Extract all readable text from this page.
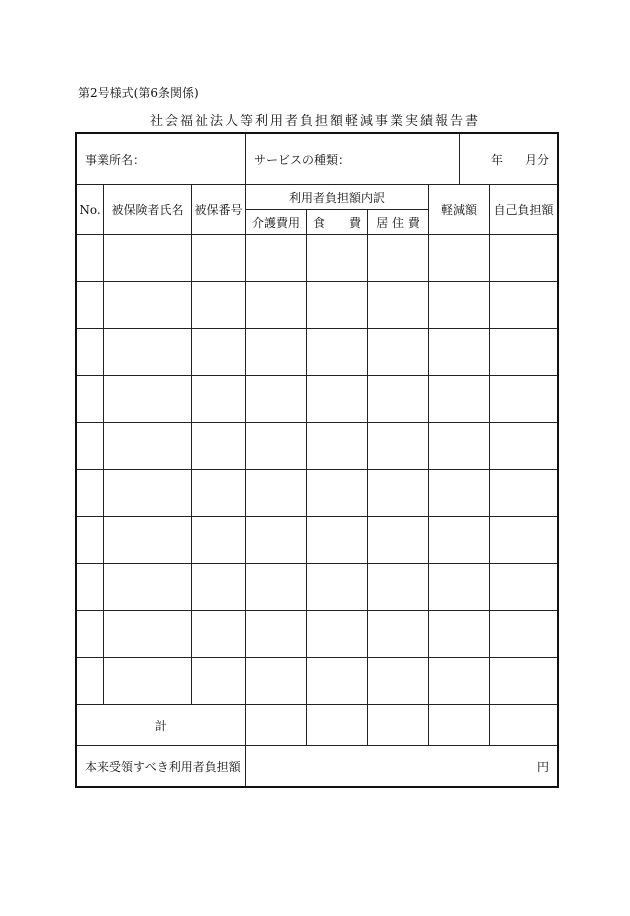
第2号様式(第6条関係)
社会福祉法人等利用者負担額軽減事業実績報告書
事業所名：			サービスの種類：				年 月分	
No.	被保険者氏名	被保番号	利用者負担額内訳			軽減額		自己負担額
			介護費用	食　　費	居 住 費			

計								
本来受領すべき利用者負担額			円					
